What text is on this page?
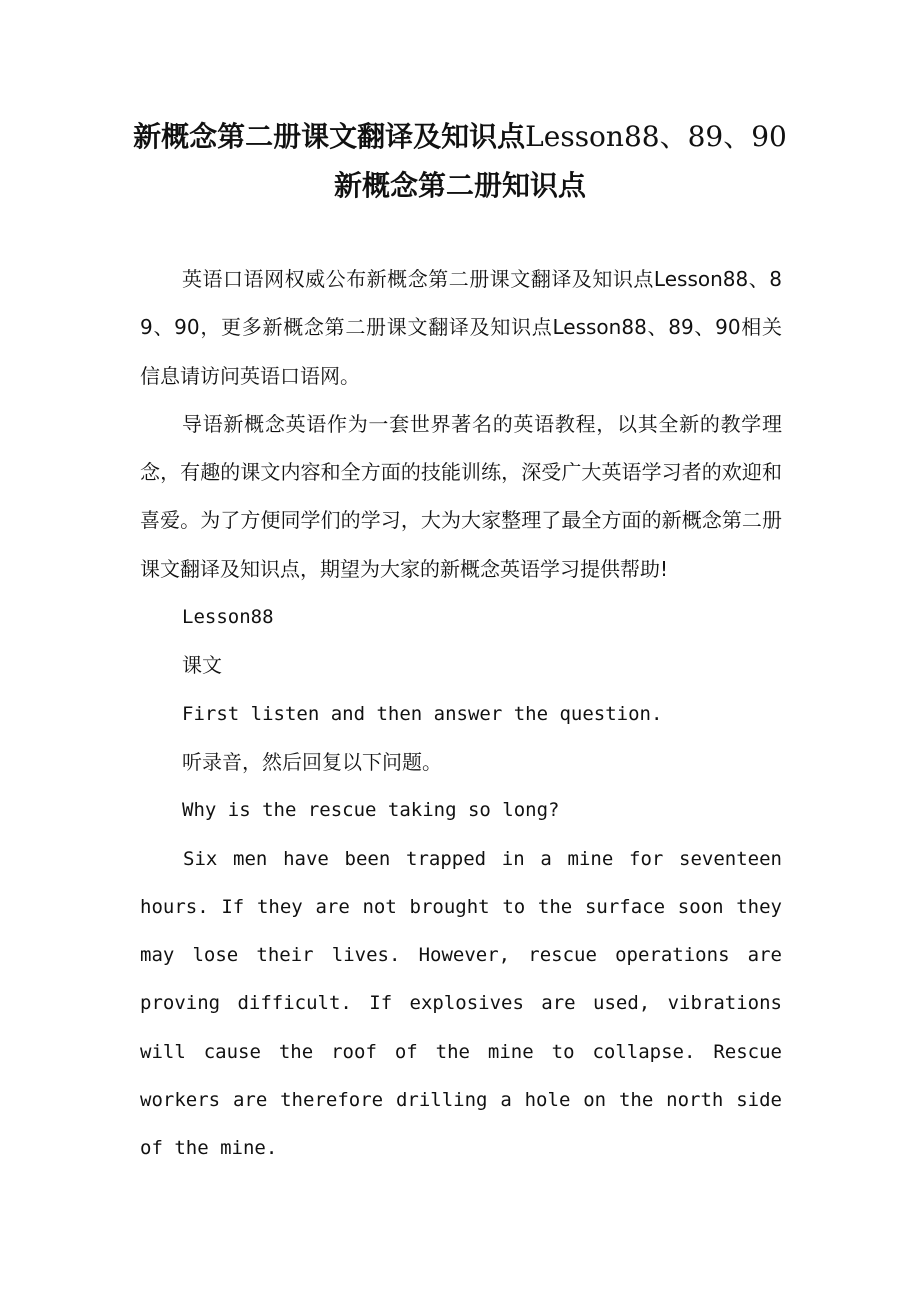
新概念第二册课文翻译及知识点Lesson88、89、90新概念第二册知识点

英语口语网权威公布新概念第二册课文翻译及知识点Lesson88、89、90，更多新概念第二册课文翻译及知识点Lesson88、89、90相关信息请访问英语口语网。

导语新概念英语作为一套世界著名的英语教程，以其全新的教学理念，有趣的课文内容和全方面的技能训练，深受广大英语学习者的欢迎和喜爱。为了方便同学们的学习，大为大家整理了最全方面的新概念第二册课文翻译及知识点，期望为大家的新概念英语学习提供帮助!

Lesson88

课文

First listen and then answer the question.

听录音，然后回复以下问题。

Why is the rescue taking so long?

Six men have been trapped in a mine for seventeen hours. If they are not brought to the surface soon they may lose their lives. However, rescue operations are proving difficult. If explosives are used, vibrations will cause the roof of the mine to collapse. Rescue workers are therefore drilling a hole on the north side of the mine.
